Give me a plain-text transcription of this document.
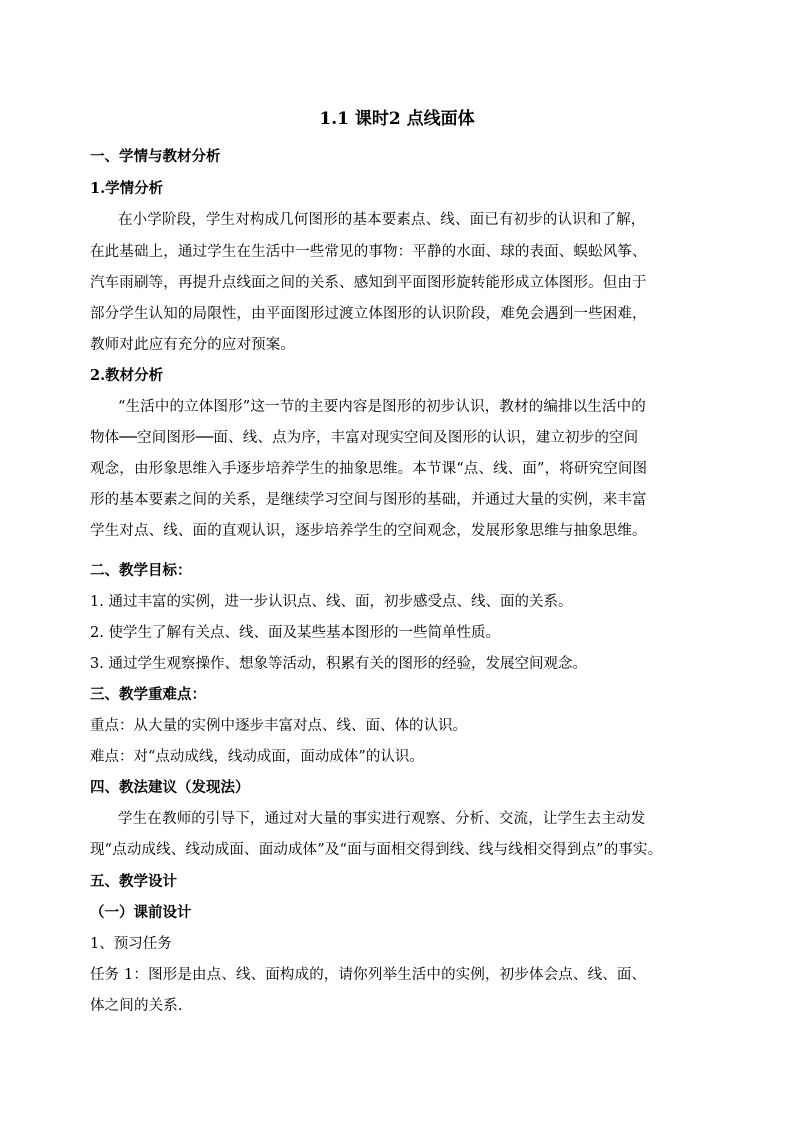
1.1 课时2 点线面体
一、学情与教材分析
1.学情分析
在小学阶段，学生对构成几何图形的基本要素点、线、面已有初步的认识和了解，
在此基础上，通过学生在生活中一些常见的事物：平静的水面、球的表面、蜈蚣风筝、
汽车雨刷等，再提升点线面之间的关系、感知到平面图形旋转能形成立体图形。但由于
部分学生认知的局限性，由平面图形过渡立体图形的认识阶段，难免会遇到一些困难，
教师对此应有充分的应对预案。
2.教材分析
“生活中的立体图形”这一节的主要内容是图形的初步认识，教材的编排以生活中的
物体──空间图形──面、线、点为序，丰富对现实空间及图形的认识，建立初步的空间
观念，由形象思维入手逐步培养学生的抽象思维。本节课“点、线、面”，将研究空间图
形的基本要素之间的关系，是继续学习空间与图形的基础，并通过大量的实例，来丰富
学生对点、线、面的直观认识，逐步培养学生的空间观念，发展形象思维与抽象思维。
二、教学目标：
1. 通过丰富的实例，进一步认识点、线、面，初步感受点、线、面的关系。
2. 使学生了解有关点、线、面及某些基本图形的一些简单性质。
3. 通过学生观察操作、想象等活动，积累有关的图形的经验，发展空间观念。
三、教学重难点：
重点：从大量的实例中逐步丰富对点、线、面、体的认识。
难点：对“点动成线，线动成面，面动成体”的认识。
四、教法建议（发现法）
学生在教师的引导下，通过对大量的事实进行观察、分析、交流，让学生去主动发
现“点动成线、线动成面、面动成体”及“面与面相交得到线、线与线相交得到点”的事实。
五、教学设计
（一）课前设计
1、预习任务
任务 1：图形是由点、线、面构成的，请你列举生活中的实例，初步体会点、线、面、
体之间的关系.
